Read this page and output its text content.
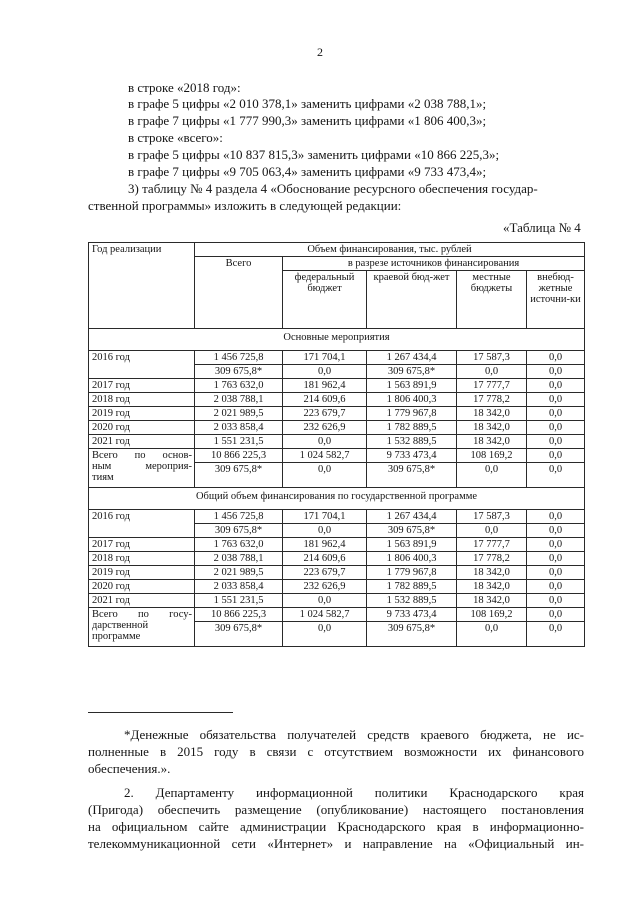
2
в строке «2018 год»:
в графе 5 цифры «2 010 378,1» заменить цифрами «2 038 788,1»;
в графе 7 цифры «1 777 990,3» заменить цифрами «1 806 400,3»;
в строке «всего»:
в графе 5 цифры «10 837 815,3» заменить цифрами «10 866 225,3»;
в графе 7 цифры «9 705 063,4» заменить цифрами «9 733 473,4»;
3) таблицу № 4 раздела 4 «Обоснование ресурсного обеспечения государ-
ственной программы» изложить в следующей редакции:
«Таблица № 4
Год реализации	Объем финансирования, тыс. рублей				
	Всего	в разрезе источников финансирования			
		федеральный бюджет	краевой бюд-жет	местные бюджеты	внебюд-жетные источни-ки
Основные мероприятия					
2016 год	1 456 725,8	171 704,1	1 267 434,4	17 587,3	0,0
	309 675,8*	0,0	309 675,8*	0,0	0,0
2017 год	1 763 632,0	181 962,4	1 563 891,9	17 777,7	0,0
2018 год	2 038 788,1	214 609,6	1 806 400,3	17 778,2	0,0
2019 год	2 021 989,5	223 679,7	1 779 967,8	18 342,0	0,0
2020 год	2 033 858,4	232 626,9	1 782 889,5	18 342,0	0,0
2021 год	1 551 231,5	0,0	1 532 889,5	18 342,0	0,0

Всего по основ-
ным мероприя-
тиям	10 866 225,3	1 024 582,7	9 733 473,4	108 169,2	0,0
	309 675,8*	0,0	309 675,8*	0,0	0,0
Общий объем финансирования по государственной программе					
2016 год	1 456 725,8	171 704,1	1 267 434,4	17 587,3	0,0
	309 675,8*	0,0	309 675,8*	0,0	0,0
2017 год	1 763 632,0	181 962,4	1 563 891,9	17 777,7	0,0
2018 год	2 038 788,1	214 609,6	1 806 400,3	17 778,2	0,0
2019 год	2 021 989,5	223 679,7	1 779 967,8	18 342,0	0,0
2020 год	2 033 858,4	232 626,9	1 782 889,5	18 342,0	0,0
2021 год	1 551 231,5	0,0	1 532 889,5	18 342,0	0,0

Всего по госу-
дарственной
программе	10 866 225,3	1 024 582,7	9 733 473,4	108 169,2	0,0
	309 675,8*	0,0	309 675,8*	0,0	0,0
*Денежные обязательства получателей средств краевого бюджета, не ис-
полненные в 2015 году в связи с отсутствием возможности их финансового
обеспечения.».
2. Департаменту информационной политики Краснодарского края
(Пригода) обеспечить размещение (опубликование) настоящего постановления
на официальном сайте администрации Краснодарского края в информационно-
телекоммуникационной сети «Интернет» и направление на «Официальный ин-
